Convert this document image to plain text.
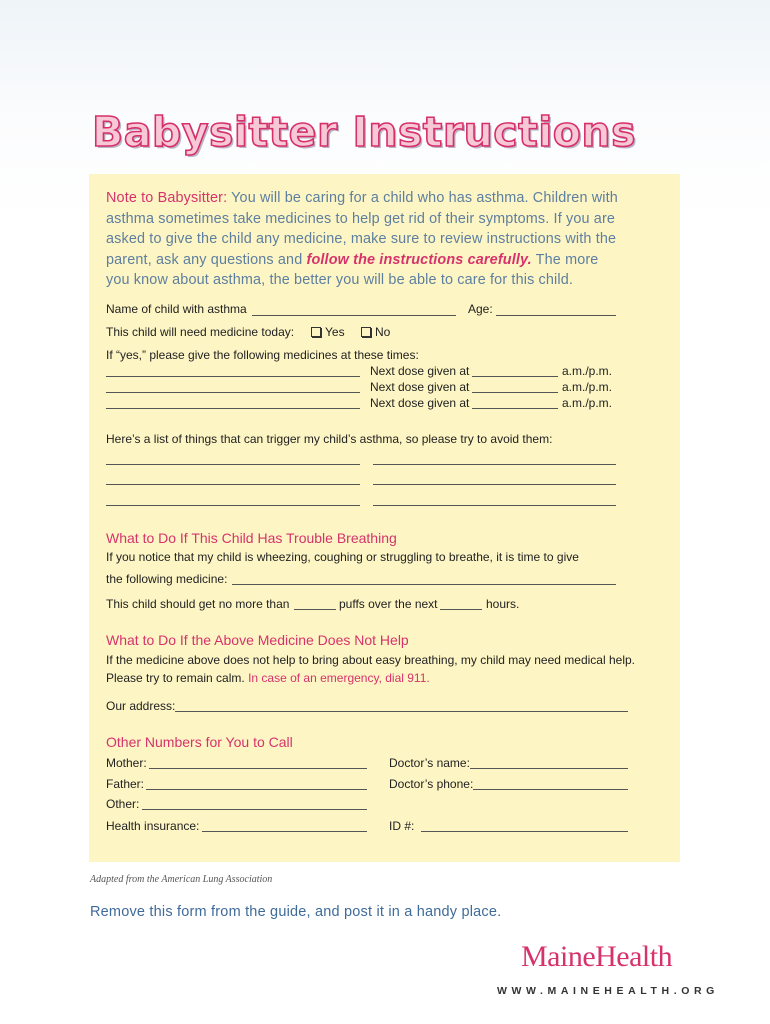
Babysitter Instructions
Note to Babysitter: You will be caring for a child who has asthma. Children with asthma sometimes take medicines to help get rid of their symptoms. If you are asked to give the child any medicine, make sure to review instructions with the parent, ask any questions and follow the instructions carefully. The more you know about asthma, the better you will be able to care for this child.
Name of child with asthma	Age:
This child will need medicine today:	Yes	No
If “yes,” please give the following medicines at these times:
Next dose given at	a.m./p.m.
Next dose given at	a.m./p.m.
Next dose given at	a.m./p.m.
Here’s a list of things that can trigger my child’s asthma, so please try to avoid them:
What to Do If This Child Has Trouble Breathing
If you notice that my child is wheezing, coughing or struggling to breathe, it is time to give
the following medicine:
This child should get no more than	puffs over the next	hours.
What to Do If the Above Medicine Does Not Help
If the medicine above does not help to bring about easy breathing, my child may need medical help.
Please try to remain calm. In case of an emergency, dial 911.
Our address:
Other Numbers for You to Call
Mother:	Doctor’s name:
Father:	Doctor’s phone:
Other:
Health insurance:	ID #:
Adapted from the American Lung Association
Remove this form from the guide, and post it in a handy place.
MaineHealth
WWW.MAINEHEALTH.ORG
